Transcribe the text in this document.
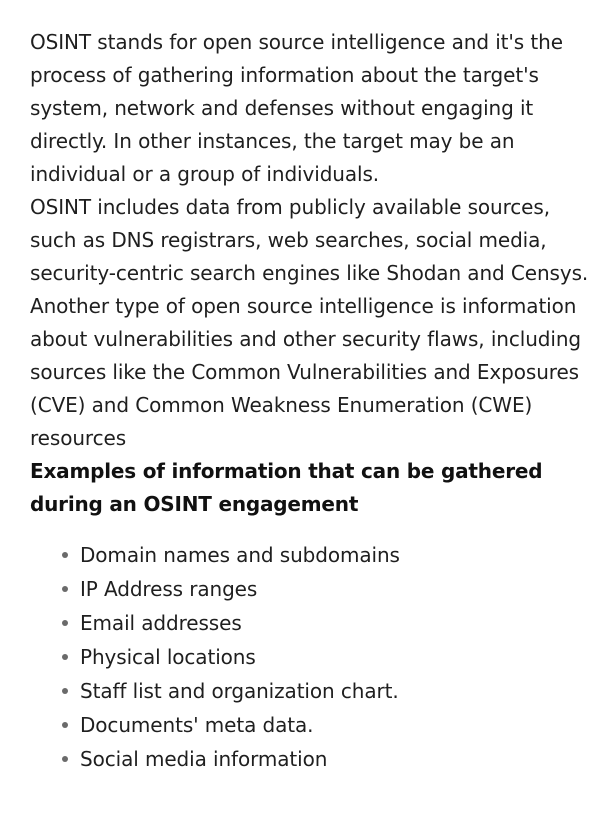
OSINT stands for open source intelligence and it's the process of gathering information about the target's system, network and defenses without engaging it directly. In other instances, the target may be an individual or a group of individuals.

OSINT includes data from publicly available sources, such as DNS registrars, web searches, social media, security-centric search engines like Shodan and Censys.

Another type of open source intelligence is information about vulnerabilities and other security flaws, including sources like the Common Vulnerabilities and Exposures (CVE) and Common Weakness Enumeration (CWE) resources

Examples of information that can be gathered during an OSINT engagement

Domain names and subdomains
IP Address ranges
Email addresses
Physical locations
Staff list and organization chart.
Documents' meta data.
Social media information
